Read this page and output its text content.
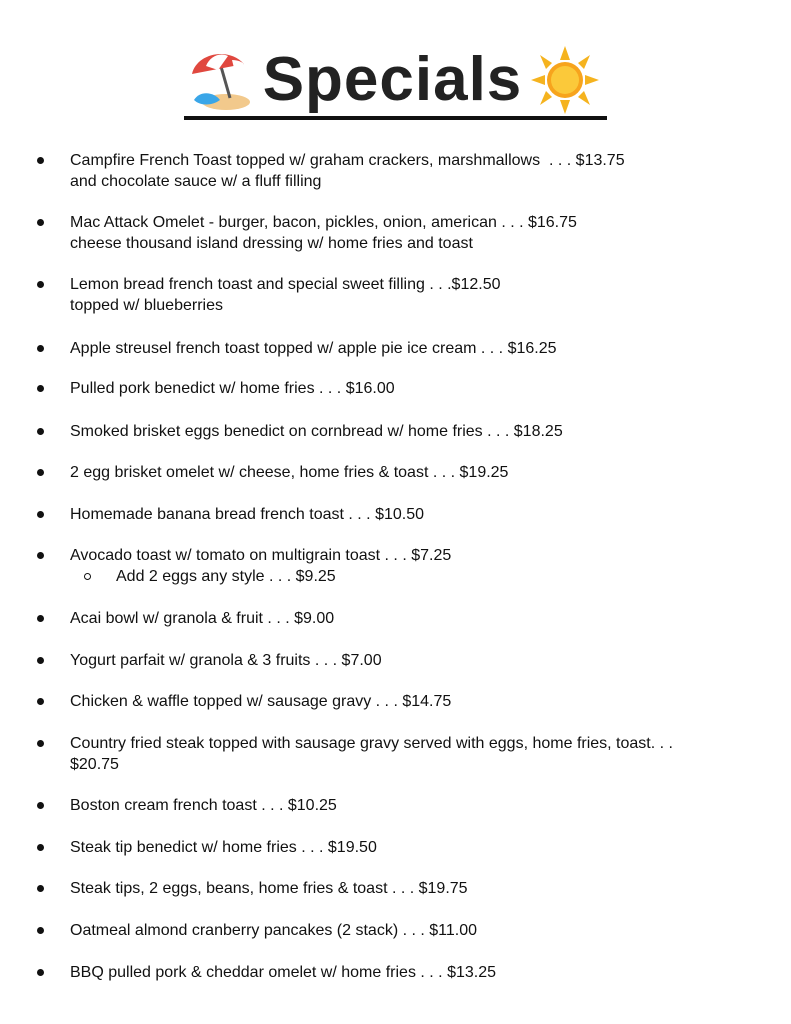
Specials
Campfire French Toast topped w/ graham crackers, marshmallows  . . . $13.75
and chocolate sauce w/ a fluff filling
Mac Attack Omelet - burger, bacon, pickles, onion, american . . . $16.75
cheese thousand island dressing w/ home fries and toast
Lemon bread french toast and special sweet filling . . .$12.50
topped w/ blueberries
Apple streusel french toast topped w/ apple pie ice cream . . . $16.25
Pulled pork benedict w/ home fries . . . $16.00
Smoked brisket eggs benedict on cornbread w/ home fries . . . $18.25
2 egg brisket omelet w/ cheese, home fries & toast . . . $19.25
Homemade banana bread french toast . . . $10.50
Avocado toast w/ tomato on multigrain toast . . . $7.25
Add 2 eggs any style . . . $9.25
Acai bowl w/ granola & fruit . . . $9.00
Yogurt parfait w/ granola & 3 fruits . . . $7.00
Chicken & waffle topped w/ sausage gravy . . . $14.75
Country fried steak topped with sausage gravy served with eggs, home fries, toast. . .
$20.75
Boston cream french toast . . . $10.25
Steak tip benedict w/ home fries . . . $19.50
Steak tips, 2 eggs, beans, home fries & toast . . . $19.75
Oatmeal almond cranberry pancakes (2 stack) . . . $11.00
BBQ pulled pork & cheddar omelet w/ home fries . . . $13.25
